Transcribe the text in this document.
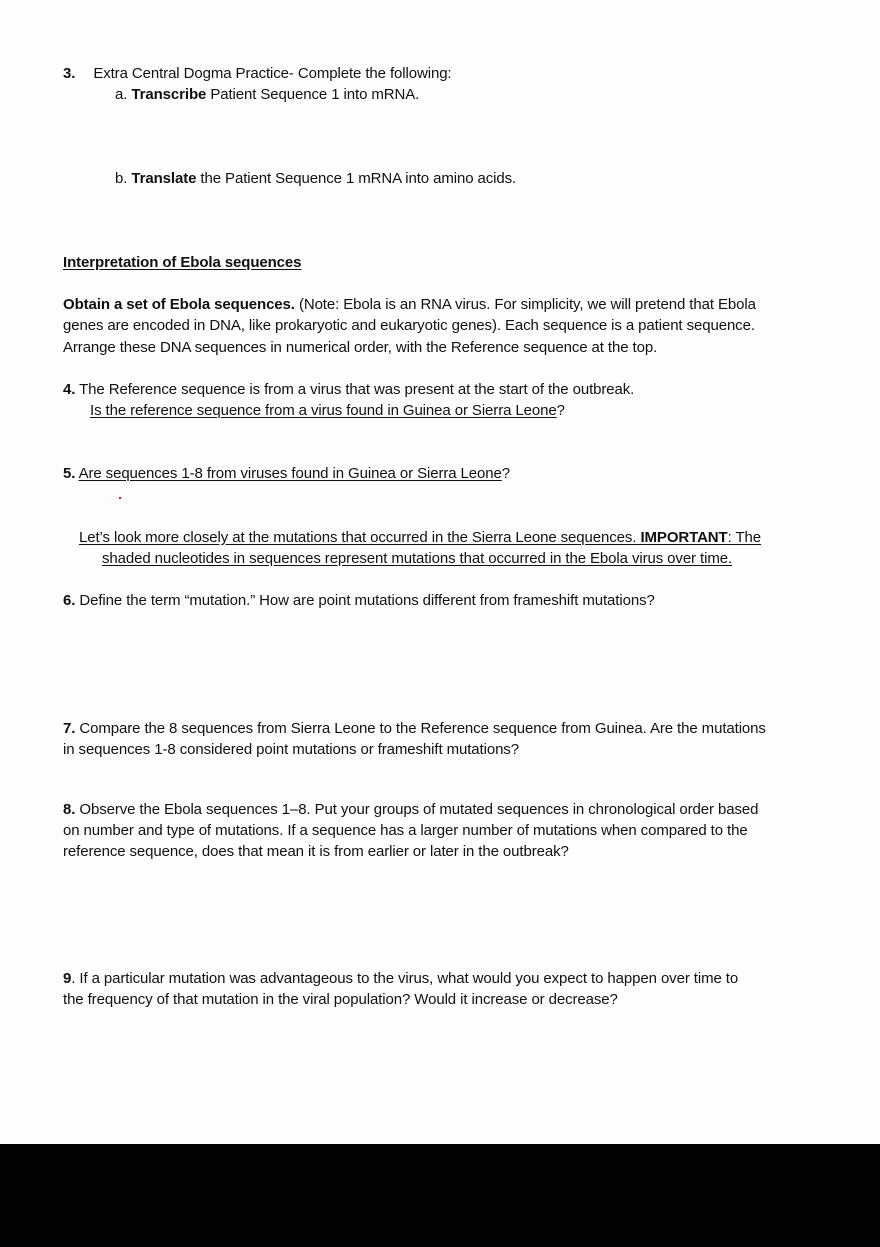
3. Extra Central Dogma Practice- Complete the following:
a. Transcribe Patient Sequence 1 into mRNA.
b. Translate the Patient Sequence 1 mRNA into amino acids.
Interpretation of Ebola sequences
Obtain a set of Ebola sequences. (Note: Ebola is an RNA virus. For simplicity, we will pretend that Ebola
genes are encoded in DNA, like prokaryotic and eukaryotic genes). Each sequence is a patient sequence.
Arrange these DNA sequences in numerical order, with the Reference sequence at the top.
4. The Reference sequence is from a virus that was present at the start of the outbreak.
Is the reference sequence from a virus found in Guinea or Sierra Leone?
5. Are sequences 1-8 from viruses found in Guinea or Sierra Leone?
Let’s look more closely at the mutations that occurred in the Sierra Leone sequences. IMPORTANT: The
shaded nucleotides in sequences represent mutations that occurred in the Ebola virus over time.
6. Define the term “mutation.” How are point mutations different from frameshift mutations?
7. Compare the 8 sequences from Sierra Leone to the Reference sequence from Guinea. Are the mutations
in sequences 1-8 considered point mutations or frameshift mutations?
8. Observe the Ebola sequences 1–8. Put your groups of mutated sequences in chronological order based
on number and type of mutations. If a sequence has a larger number of mutations when compared to the
reference sequence, does that mean it is from earlier or later in the outbreak?
9. If a particular mutation was advantageous to the virus, what would you expect to happen over time to
the frequency of that mutation in the viral population? Would it increase or decrease?
